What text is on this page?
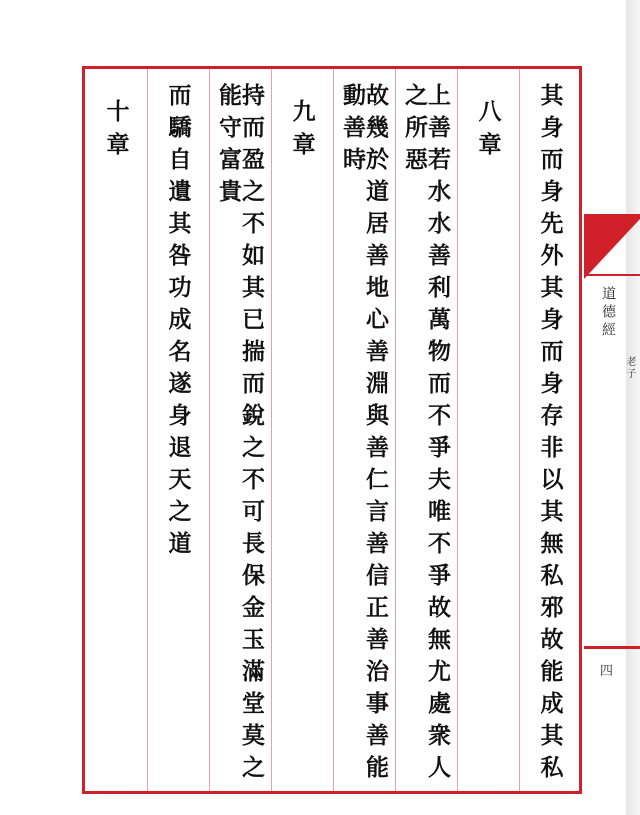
其身而身先外其身而身存非以其無私邪故能成其私
八章
上善若水水善利萬物而不爭夫唯不爭故無尤處衆人之所惡
故幾於道居善地心善淵與善仁言善信正善治事善能動善時
九章
持而盈之不如其已揣而銳之不可長保金玉滿堂莫之能守富貴
而驕自遺其咎功成名遂身退天之道
十章
道德經
老子
四
